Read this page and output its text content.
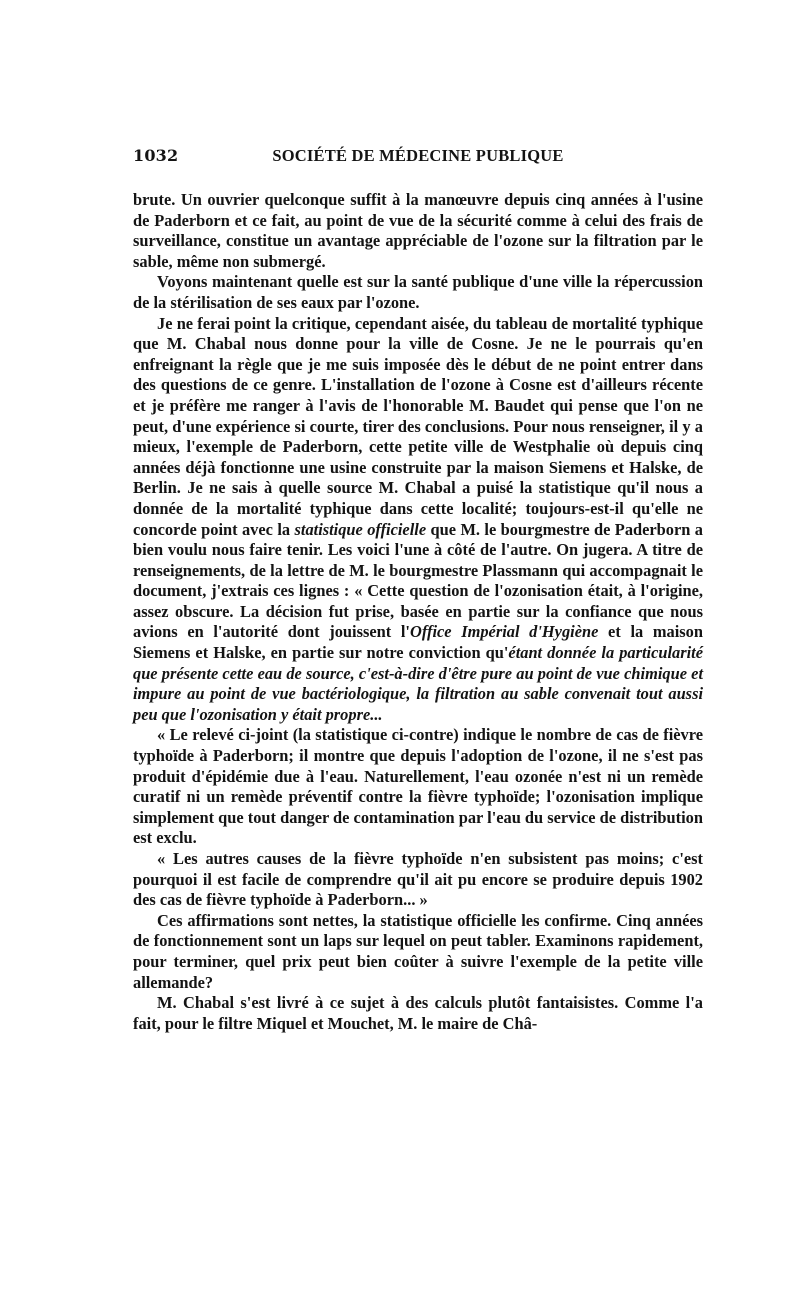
1032	SOCIÉTÉ DE MÉDECINE PUBLIQUE

brute. Un ouvrier quelconque suffit à la manœuvre depuis cinq années à l'usine de Paderborn et ce fait, au point de vue de la sécurité comme à celui des frais de surveillance, constitue un avantage appréciable de l'ozone sur la filtration par le sable, même non submergé.

Voyons maintenant quelle est sur la santé publique d'une ville la répercussion de la stérilisation de ses eaux par l'ozone.

Je ne ferai point la critique, cependant aisée, du tableau de mortalité typhique que M. Chabal nous donne pour la ville de Cosne. Je ne le pourrais qu'en enfreignant la règle que je me suis imposée dès le début de ne point entrer dans des questions de ce genre. L'installation de l'ozone à Cosne est d'ailleurs récente et je préfère me ranger à l'avis de l'honorable M. Baudet qui pense que l'on ne peut, d'une expérience si courte, tirer des conclusions. Pour nous renseigner, il y a mieux, l'exemple de Paderborn, cette petite ville de Westphalie où depuis cinq années déjà fonctionne une usine construite par la maison Siemens et Halske, de Berlin. Je ne sais à quelle source M. Chabal a puisé la statistique qu'il nous a donnée de la mortalité typhique dans cette localité; toujours-est-il qu'elle ne concorde point avec la statistique officielle que M. le bourgmestre de Paderborn a bien voulu nous faire tenir. Les voici l'une à côté de l'autre. On jugera. A titre de renseignements, de la lettre de M. le bourgmestre Plassmann qui accompagnait le document, j'extrais ces lignes : « Cette question de l'ozonisation était, à l'origine, assez obscure. La décision fut prise, basée en partie sur la confiance que nous avions en l'autorité dont jouissent l'Office Impérial d'Hygiène et la maison Siemens et Halske, en partie sur notre conviction qu'étant donnée la particularité que présente cette eau de source, c'est-à-dire d'être pure au point de vue chimique et impure au point de vue bactériologique, la filtration au sable convenait tout aussi peu que l'ozonisation y était propre...

« Le relevé ci-joint (la statistique ci-contre) indique le nombre de cas de fièvre typhoïde à Paderborn; il montre que depuis l'adoption de l'ozone, il ne s'est pas produit d'épidémie due à l'eau. Naturellement, l'eau ozonée n'est ni un remède curatif ni un remède préventif contre la fièvre typhoïde; l'ozonisation implique simplement que tout danger de contamination par l'eau du service de distribution est exclu.

« Les autres causes de la fièvre typhoïde n'en subsistent pas moins; c'est pourquoi il est facile de comprendre qu'il ait pu encore se produire depuis 1902 des cas de fièvre typhoïde à Paderborn... »

Ces affirmations sont nettes, la statistique officielle les confirme. Cinq années de fonctionnement sont un laps sur lequel on peut tabler. Examinons rapidement, pour terminer, quel prix peut bien coûter à suivre l'exemple de la petite ville allemande?

M. Chabal s'est livré à ce sujet à des calculs plutôt fantaisistes. Comme l'a fait, pour le filtre Miquel et Mouchet, M. le maire de Châ-
